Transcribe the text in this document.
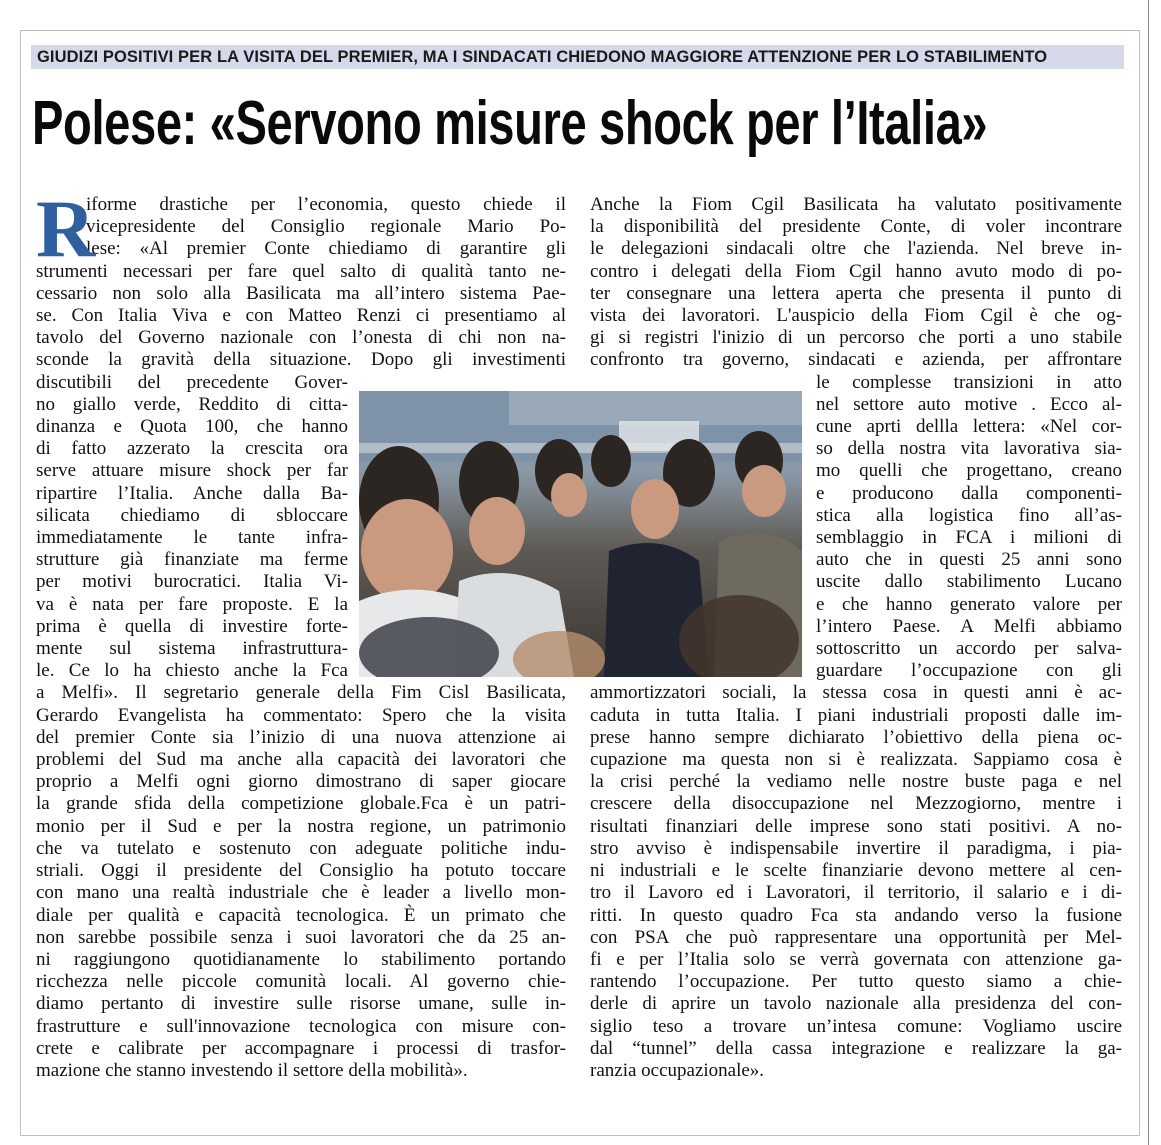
GIUDIZI POSITIVI PER LA VISITA DEL PREMIER, MA I SINDACATI CHIEDONO MAGGIORE ATTENZIONE PER LO STABILIMENTO
Polese: «Servono misure shock per l’Italia»
R

iforme drastiche per l’economia, questo chiede il

vicepresidente del Consiglio regionale Mario Po-

lese: «Al premier Conte chiediamo di garantire gli

strumenti necessari per fare quel salto di qualità tanto ne-

cessario non solo alla Basilicata ma all’intero sistema Pae-

se. Con Italia Viva e con Matteo Renzi ci presentiamo al

tavolo del Governo nazionale con l’onesta di chi non na-

sconde la gravità della situazione. Dopo gli investimenti

discutibili del precedente Gover-

no giallo verde, Reddito di citta-

dinanza e Quota 100, che hanno

di fatto azzerato la crescita ora

serve attuare misure shock per far

ripartire l’Italia. Anche dalla Ba-

silicata chiediamo di sbloccare

immediatamente le tante infra-

strutture già finanziate ma ferme

per motivi burocratici. Italia Vi-

va è nata per fare proposte. E la

prima è quella di investire forte-

mente sul sistema infrastruttura-

le. Ce lo ha chiesto anche la Fca

a Melfi». Il segretario generale della Fim Cisl Basilicata,

Gerardo Evangelista ha commentato: Spero che la visita

del premier Conte sia l’inizio di una nuova attenzione ai

problemi del Sud ma anche alla capacità dei lavoratori che

proprio a Melfi ogni giorno dimostrano di saper giocare

la grande sfida della competizione globale.Fca è un patri-

monio per il Sud e per la nostra regione, un patrimonio

che va tutelato e sostenuto con adeguate politiche indu-

striali. Oggi il presidente del Consiglio ha potuto toccare

con mano una realtà industriale che è leader a livello mon-

diale per qualità e capacità tecnologica. È un primato che

non sarebbe possibile senza i suoi lavoratori che da 25 an-

ni raggiungono quotidianamente lo stabilimento portando

ricchezza nelle piccole comunità locali. Al governo chie-

diamo pertanto di investire sulle risorse umane, sulle in-

frastrutture e sull'innovazione tecnologica con misure con-

crete e calibrate per accompagnare i processi di trasfor-

mazione che stanno investendo il settore della mobilità».

Anche la Fiom Cgil Basilicata ha valutato positivamente

la disponibilità del presidente Conte, di voler incontrare

le delegazioni sindacali oltre che l'azienda. Nel breve in-

contro i delegati della Fiom Cgil hanno avuto modo di po-

ter consegnare una lettera aperta che presenta il punto di

vista dei lavoratori. L'auspicio della Fiom Cgil è che og-

gi si registri l'inizio di un percorso che porti a uno stabile

confronto tra governo, sindacati e azienda, per affrontare

le complesse transizioni in atto

nel settore auto motive . Ecco al-

cune aprti dellla lettera: «Nel cor-

so della nostra vita lavorativa sia-

mo quelli che progettano, creano

e producono dalla componenti-

stica alla logistica fino all’as-

semblaggio in FCA i milioni di

auto che in questi 25 anni sono

uscite dallo stabilimento Lucano

e che hanno generato valore per

l’intero Paese. A Melfi abbiamo

sottoscritto un accordo per salva-

guardare l’occupazione con gli

ammortizzatori sociali, la stessa cosa in questi anni è ac-

caduta in tutta Italia. I piani industriali proposti dalle im-

prese hanno sempre dichiarato l’obiettivo della piena oc-

cupazione ma questa non si è realizzata. Sappiamo cosa è

la crisi perché la vediamo nelle nostre buste paga e nel

crescere della disoccupazione nel Mezzogiorno, mentre i

risultati finanziari delle imprese sono stati positivi. A no-

stro avviso è indispensabile invertire il paradigma, i pia-

ni industriali e le scelte finanziarie devono mettere al cen-

tro il Lavoro ed i Lavoratori, il territorio, il salario e i di-

ritti. In questo quadro Fca sta andando verso la fusione

con PSA che può rappresentare una opportunità per Mel-

fi e per l’Italia solo se verrà governata con attenzione ga-

rantendo l’occupazione. Per tutto questo siamo a chie-

derle di aprire un tavolo nazionale alla presidenza del con-

siglio teso a trovare un’intesa comune: Vogliamo uscire

dal “tunnel” della cassa integrazione e realizzare la ga-

ranzia occupazionale».
